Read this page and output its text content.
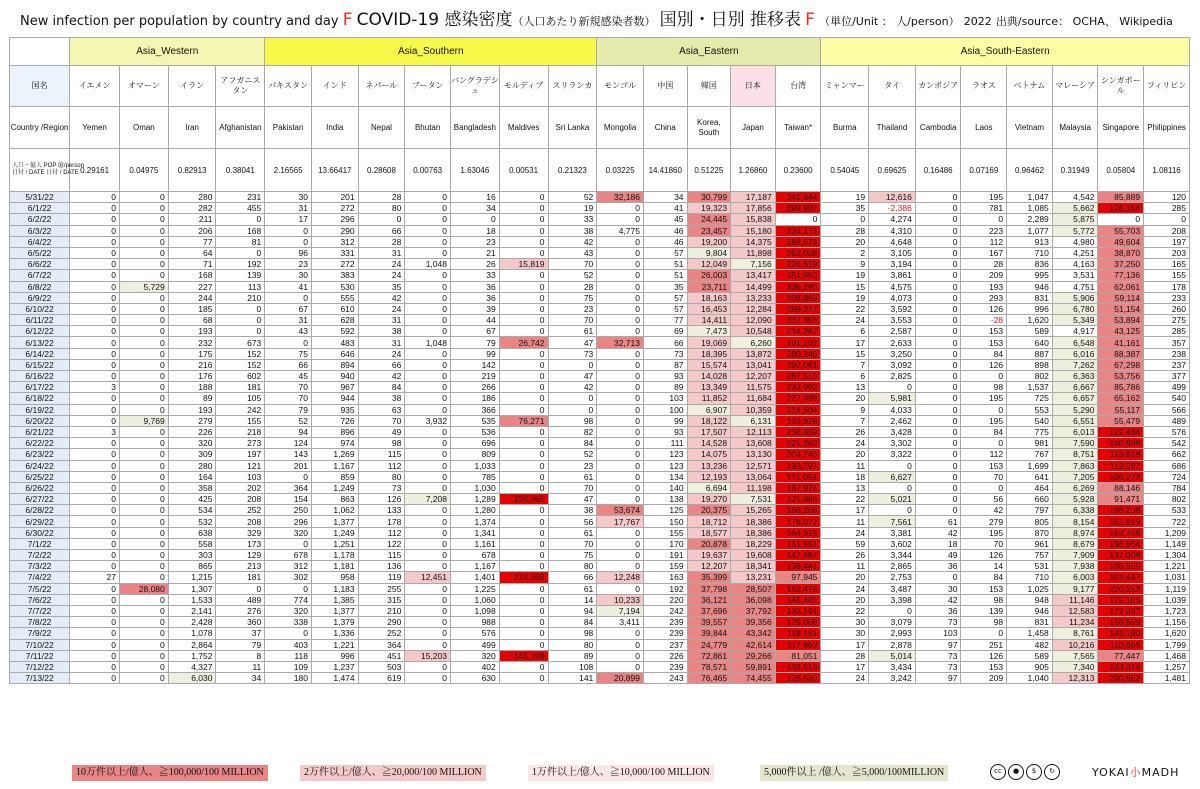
New infection per population by country and day F COVID-19 感染密度（人口あたり新規感染者数） 国別・日別 推移表 F （単位/Unit ： 人/person） 2022 出典/source： OCHA、 Wikipedia
	Asia_Western				Asia_Southern							Asia_Eastern					Asia_South-Eastern							
国名	イエメン	オマーン	イラン	アフガニスタン	パキスタン	インド	ネパール	ブータン	バングラデシュ	モルディブ	スリランカ	モンゴル	中国	韓国	日本	台湾	ミャンマー	タイ	カンボジア	ラオス	ベトナム	マレーシア	シンガポール	フィリピン
Country /Region	Yemen	Oman	Iran	Afghanistan	Pakistan	India	Nepal	Bhutan	Bangladesh	Maldives	Sri Lanka	Mongolia	China	Korea, South	Japan	Taiwan*	Burma	Thailand	Cambodia	Laos	Vietnam	Malaysia	Singapore	Philippines

人口・億人 POP 億/person
日付 / DATE 日付 / DATE	0.29161	0.04975	0.82913	0.38041	2.16565	13.66417	0.28608	0.00763	1.63046	0.00531	0.21323	0.03225	14.41860	0.51225	1.26860	0.23600	0.54045	0.69625	0.16486	0.07169	0.96462	0.31949	0.05804	1.08116
5/31/22	0	0	280	231	30	201	28	0	16	0	52	32,186	34	30,799	17,187	341,644	19	12,616	0	195	1,047	4,542	85,889	120
6/1/22	0	0	282	455	31	272	80	0	34	0	19	0	41	19,323	17,856	699,907	35	-2,386	0	781	1,085	5,662	128,154	285
6/2/22	0	0	211	0	17	296	0	0	0	0	33	0	45	24,445	15,838	0	0	4,274	0	0	2,289	5,875	0	0
6/3/22	0	0	206	168	0	290	66	0	18	0	38	4,775	46	23,457	15,180	324,174	28	4,310	0	223	1,077	5,772	55,703	208
6/4/22	0	0	77	81	0	312	28	0	23	0	42	0	46	19,200	14,375	288,678	20	4,648	0	112	913	4,980	49,604	197
6/5/22	0	0	64	0	96	331	31	0	21	0	43	0	57	9,804	11,898	263,038	2	3,105	0	167	710	4,251	38,870	203
6/6/22	0	0	71	192	23	272	24	1,048	26	15,819	70	0	51	12,049	7,156	224,619	9	3,194	0	28	836	4,163	37,250	165
6/7/22	0	0	168	139	30	383	24	0	33	0	52	0	51	26,003	13,417	351,653	19	3,861	0	209	995	3,531	77,136	155
6/8/22	0	5,729	227	113	41	530	35	0	36	0	28	0	35	23,711	14,499	339,290	15	4,575	0	193	946	4,751	62,061	178
6/9/22	0	0	244	210	0	555	42	0	36	0	75	0	57	18,163	13,233	308,869	19	4,073	0	293	831	5,906	59,114	233
6/10/22	0	0	185	0	67	610	24	0	39	0	23	0	57	16,453	12,284	289,377	22	3,592	0	126	996	6,780	51,154	260
6/11/22	0	0	68	0	31	628	31	0	44	0	70	0	77	14,411	12,090	337,356	24	3,553	0	-28	1,620	5,349	53,894	275
6/12/22	0	0	193	0	43	592	38	0	67	0	61	0	69	7,473	10,548	214,267	6	2,587	0	153	589	4,917	43,125	285
6/13/22	0	0	232	673	0	483	31	1,048	79	26,742	47	32,713	66	19,069	6,260	191,102	17	2,633	0	153	640	6,548	41,161	357
6/14/22	0	0	175	152	75	646	24	0	99	0	73	0	73	18,395	13,872	280,246	15	3,250	0	84	887	6,016	88,387	238
6/15/22	0	0	216	152	66	894	66	0	142	0	0	0	87	15,574	13,041	292,081	7	3,092	0	126	898	7,262	67,298	237
6/16/22	0	0	176	602	45	940	42	0	219	0	47	0	93	14,028	12,207	267,513	6	2,825	0	0	802	6,363	53,756	377
6/17/22	3	0	188	181	70	967	84	0	266	0	42	0	89	13,349	11,575	233,992	13	0	0	98	1,537	6,667	85,786	499
6/18/22	0	0	89	105	70	944	38	0	186	0	0	0	103	11,852	11,684	227,398	20	5,981	0	195	725	6,657	65,162	540
6/19/22	0	0	193	242	79	935	63	0	366	0	0	0	100	6,907	10,359	214,504	9	4,033	0	0	553	5,290	55,117	566
6/20/22	0	9,769	279	155	52	726	70	3,932	535	76,271	98	0	99	18,122	6,131	193,928	7	2,462	0	195	540	6,551	55,479	489
6/21/22	3	0	226	218	94	896	49	0	536	0	82	0	93	17,507	12,113	238,839	26	3,428	0	84	775	6,013	122,484	576
6/22/22	0	0	320	273	124	974	98	0	696	0	84	0	111	14,528	13,608	221,263	24	3,302	0	0	981	7,590	100,999	542
6/23/22	0	0	309	197	143	1,269	115	0	809	0	52	0	123	14,075	13,130	204,746	20	3,322	0	112	767	8,751	113,818	662
6/24/22	0	0	280	121	201	1,167	112	0	1,033	0	23	0	123	13,236	12,571	193,797	11	0	0	153	1,699	7,863	112,267	686
6/25/22	0	0	164	103	0	859	80	0	785	0	61	0	134	12,193	13,064	171,051	18	6,627	0	70	641	7,205	106,272	724
6/26/22	0	0	358	202	364	1,249	73	0	1,030	0	70	0	140	6,694	11,198	167,975	13	0	0	0	464	6,269	88,146	784
6/27/22	0	0	425	208	154	863	126	7,208	1,289	226,365	47	0	138	19,270	7,531	121,085	22	5,021	0	56	660	5,928	91,471	802
6/28/22	0	0	534	252	250	1,062	133	0	1,280	0	38	53,674	125	20,375	15,265	188,208	17	0	0	42	797	6,338	198,208	533
6/29/22	0	0	532	208	296	1,377	178	0	1,374	0	56	17,767	150	18,712	18,386	178,072	11	7,561	61	279	805	8,154	161,819	722
6/30/22	0	0	638	329	320	1,249	112	0	1,341	0	61	0	155	18,577	18,386	164,915	24	3,381	42	195	870	8,974	163,766	1,209
7/1/22	0	0	558	173	0	1,251	122	0	1,161	0	70	0	170	20,878	18,229	151,551	59	3,602	18	70	961	8,679	196,564	1,149
7/2/22	0	0	303	129	678	1,178	115	0	678	0	75	0	191	19,637	19,608	147,487	26	3,344	49	126	757	7,909	137,009	1,304
7/3/22	0	0	865	213	312	1,181	136	0	1,167	0	80	0	159	12,207	18,341	138,441	11	2,865	36	14	531	7,938	105,565	1,221
7/4/22	27	0	1,215	181	302	958	119	12,451	1,401	213,559	66	12,248	163	35,399	13,231	97,945	20	2,753	0	84	710	6,003	102,447	1,031
7/5/22	0	28,080	1,307	0	0	1,183	255	0	1,225	0	61	0	192	37,798	28,507	152,475	24	3,487	30	153	1,025	9,177	220,262	1,119
7/6/22	0	0	1,533	489	774	1,385	315	0	1,060	0	14	10,233	220	36,121	36,098	146,445	20	3,398	42	98	948	11,146	172,105	1,039
7/7/22	0	0	2,141	276	320	1,377	210	0	1,098	0	94	7,194	242	37,696	37,792	133,191	22	0	36	139	946	12,583	172,037	1,723
7/8/22	0	0	2,428	360	338	1,379	290	0	988	0	84	3,411	239	39,557	39,356	129,008	30	3,079	73	98	831	11,234	159,659	1,156
7/9/22	0	0	1,078	37	0	1,336	252	0	576	0	98	0	239	39,844	43,342	119,161	30	2,993	103	0	1,458	8,761	149,190	1,620
7/10/22	0	0	2,864	79	403	1,221	364	0	499	0	80	0	237	24,779	42,614	117,962	17	2,878	97	251	482	10,216	110,665	1,799
7/11/22	0	0	1,752	8	118	996	451	15,203	320	145,198	89	0	226	72,861	29,266	81,051	28	5,014	73	126	589	7,565	77,447	1,468
7/12/22	0	0	4,327	11	109	1,237	503	0	402	0	108	0	239	78,571	59,891	132,513	17	3,434	73	153	905	7,340	133,015	1,257
7/13/22	0	0	6,030	34	180	1,474	619	0	630	0	141	20,899	243	76,465	74,455	126,530	24	3,242	97	209	1,040	12,313	200,662	1,481
10万件以上/億人、≧100,000/100 MILLION	2万件以上/億人、≧20,000/100 MILLION	1万件以上/億人、≧10,000/100 MILLION	5,000件以上 /億人、≧5,000/100MILLION	cc	●	$	↻	YOKAI小MADH
